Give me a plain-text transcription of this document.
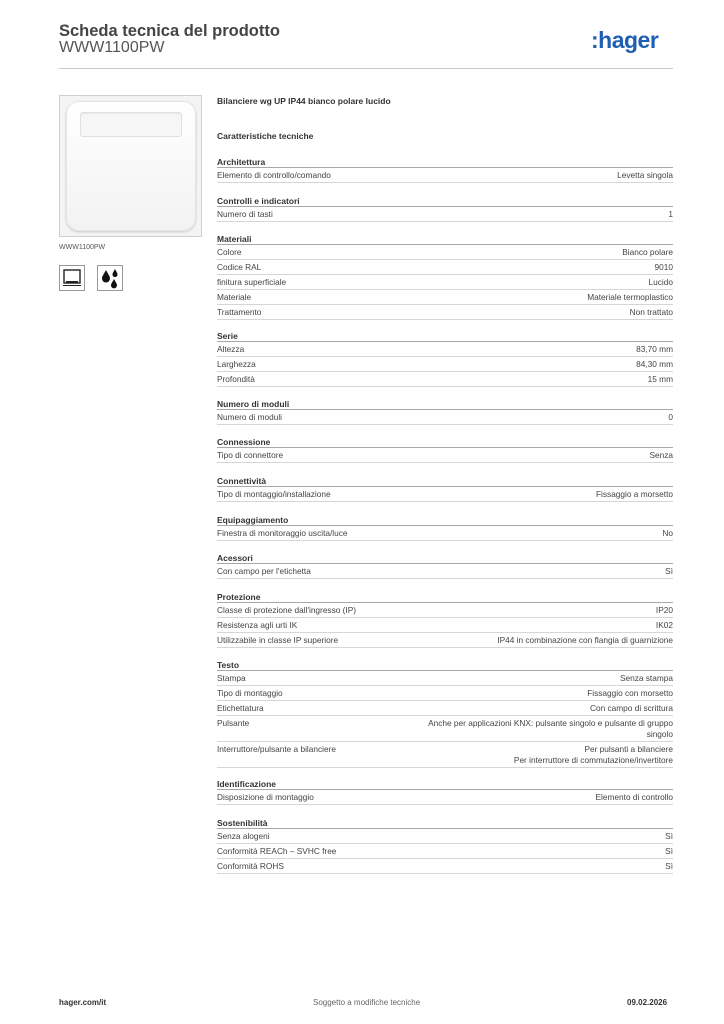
Scheda tecnica del prodotto
WWW1100PW	:hager
WWW1100PW
Bilanciere wg UP IP44 bianco polare lucido
Caratteristiche tecniche
Architettura
Elemento di controllo/comando	Levetta singola
Controlli e indicatori
Numero di tasti	1
Materiali
Colore	Bianco polare
Codice RAL	9010
finitura superficiale	Lucido
Materiale	Materiale termoplastico
Trattamento	Non trattato
Serie
Altezza	83,70 mm
Larghezza	84,30 mm
Profondità	15 mm
Numero di moduli
Numero di moduli	0
Connessione
Tipo di connettore	Senza
Connettività
Tipo di montaggio/installazione	Fissaggio a morsetto
Equipaggiamento
Finestra di monitoraggio uscita/luce	No
Acessori
Con campo per l'etichetta	Sì
Protezione
Classe di protezione dall'ingresso (IP)	IP20
Resistenza agli urti IK	IK02
Utilizzabile in classe IP superiore	IP44 in combinazione con flangia di guarnizione
Testo
Stampa	Senza stampa
Tipo di montaggio	Fissaggio con morsetto
Etichettatura	Con campo di scrittura
Pulsante	Anche per applicazioni KNX: pulsante singolo e pulsante di gruppo
singolo
Interruttore/pulsante a bilanciere	Per pulsanti a bilanciere
Per interruttore di commutazione/invertitore
Identificazione
Disposizione di montaggio	Elemento di controllo
Sostenibilità
Senza alogeni	Sì
Conformità REACh – SVHC free	Sì
Conformità ROHS	Sì
hager.com/it	Soggetto a modifiche tecniche	09.02.2026
